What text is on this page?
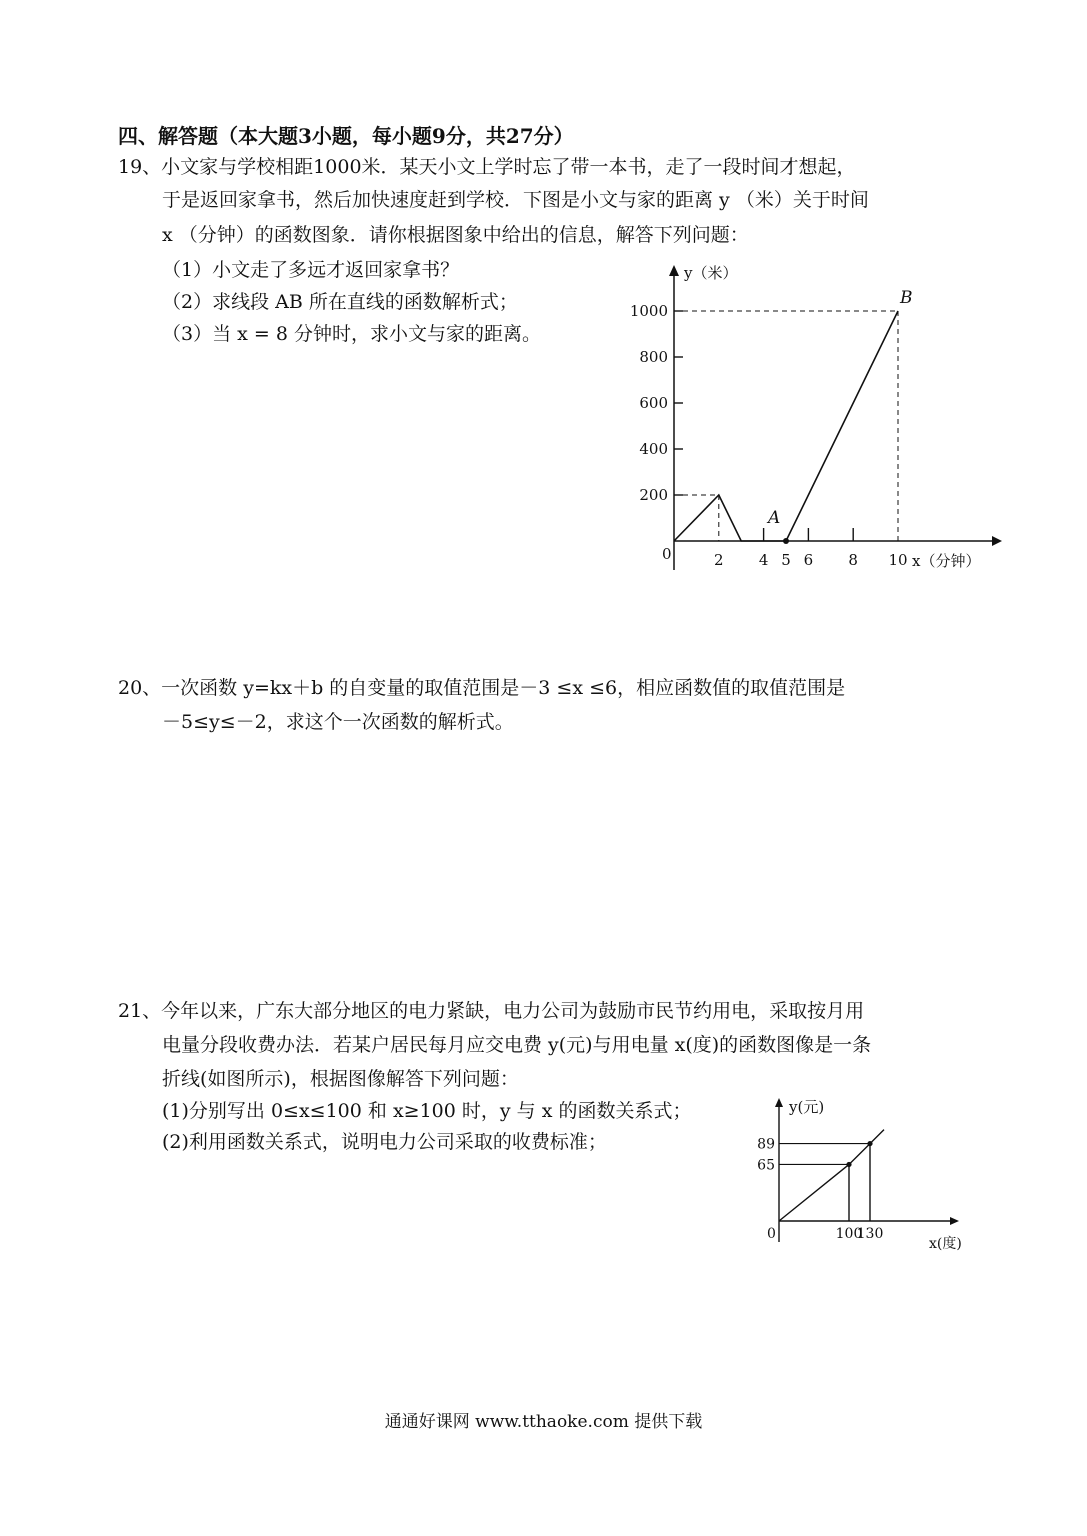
四、解答题（本大题3小题，每小题9分，共27分）
19、小文家与学校相距1000米．某天小文上学时忘了带一本书，走了一段时间才想起，
于是返回家拿书，然后加快速度赶到学校．下图是小文与家的距离 y （米）关于时间
x （分钟）的函数图象．请你根据图象中给出的信息，解答下列问题：
（1）小文走了多远才返回家拿书？
（2）求线段 AB 所在直线的函数解析式；
（3）当 x = 8 分钟时，求小文与家的距离。
200
400
600
800
1000
2 4 5 6 8 10
A
B
0
y（米）
x（分钟）
20、一次函数 y=kx＋b 的自变量的取值范围是－3 ≤x ≤6，相应函数值的取值范围是
－5≤y≤－2，求这个一次函数的解析式。
21、今年以来，广东大部分地区的电力紧缺，电力公司为鼓励市民节约用电，采取按月用
电量分段收费办法．若某户居民每月应交电费 y(元)与用电量 x(度)的函数图像是一条
折线(如图所示)，根据图像解答下列问题：
(1)分别写出 0≤x≤100 和 x≥100 时，y 与 x 的函数关系式；
(2)利用函数关系式，说明电力公司采取的收费标准；
65
89
100
130
0
y(元)
x(度)
通通好课网 www.tthaoke.com 提供下载
